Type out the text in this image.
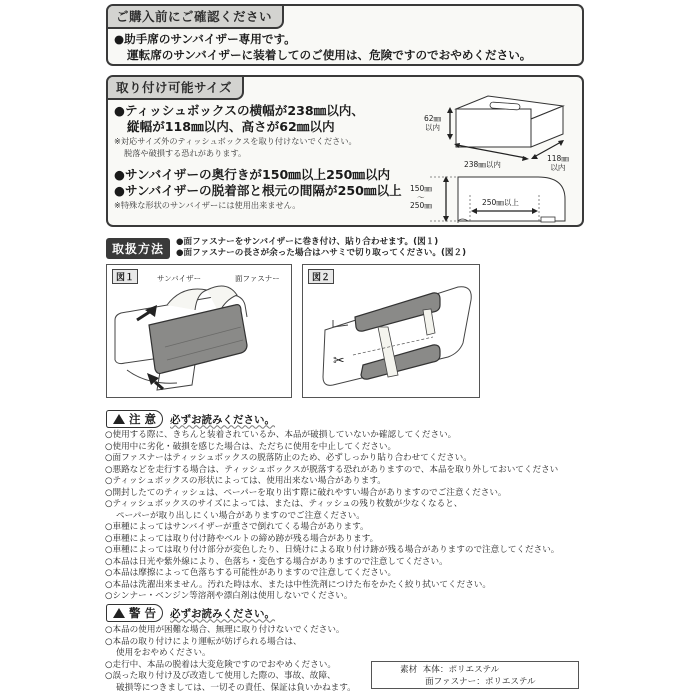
ご購入前にご確認ください
●助手席のサンバイザー専用です。
運転席のサンバイザーに装着してのご使用は、危険ですのでおやめください。
取り付け可能サイズ
●ティッシュボックスの横幅が238㎜以内、
縦幅が118㎜以内、高さが62㎜以内
※対応サイズ外のティッシュボックスを取り付けないでください。
脱落や破損する恐れがあります。
●サンバイザーの奥行きが150㎜以上250㎜以内
●サンバイザーの脱着部と根元の間隔が250㎜以上
※特殊な形状のサンバイザーには使用出来ません。
62㎜
以内
238㎜以内
118㎜
以内
150㎜
〜
250㎜	250㎜以上
取扱方法	●面ファスナーをサンバイザーに巻き付け、貼り合わせます。(図１)
●面ファスナーの長さが余った場合はハサミで切り取ってください。(図２)
図１	サンバイザー	面ファスナー
✂
図２
注 意 必ずお読みください。
○使用する際に、きちんと装着されているか、本品が破損していないか確認してください。
○使用中に劣化・破損を感じた場合は、ただちに使用を中止してください。
○面ファスナーはティッシュボックスの脱落防止のため、必ずしっかり貼り合わせてください。
○悪路などを走行する場合は、ティッシュボックスが脱落する恐れがありますので、本品を取り外しておいてください
○ティッシュボックスの形状によっては、使用出来ない場合があります。
○開封したてのティッシュは、ペーパーを取り出す際に破れやすい場合がありますのでご注意ください。
○ティッシュボックスのサイズによっては、または、ティッシュの残り枚数が少なくなると、
ペーパーが取り出しにくい場合がありますのでご注意ください。
○車種によってはサンバイザーが重さで倒れてくる場合があります。
○車種によっては取り付け跡やベルトの締め跡が残る場合があります。
○車種によっては取り付け部分が変色したり、日焼けによる取り付け跡が残る場合がありますので注意してください。
○本品は日光や紫外線により、色落ち・変色する場合がありますので注意してください。
○本品は摩擦によって色落ちする可能性がありますので注意してください。
○本品は洗濯出来ません。汚れた時は水、または中性洗剤につけた布をかたく絞り拭いてください。
○シンナー・ベンジン等溶剤や漂白剤は使用しないでください。
警 告 必ずお読みください。
○本品の使用が困難な場合、無理に取り付けないでください。
○本品の取り付けにより運転が妨げられる場合は、
使用をおやめください。
○走行中、本品の脱着は大変危険ですのでおやめください。
○誤った取り付け及び改造して使用した際の、事故、故障、
破損等につきましては、一切その責任、保証は負いかねます。
素材 本体：ポリエステル
面ファスナー：ポリエステル
